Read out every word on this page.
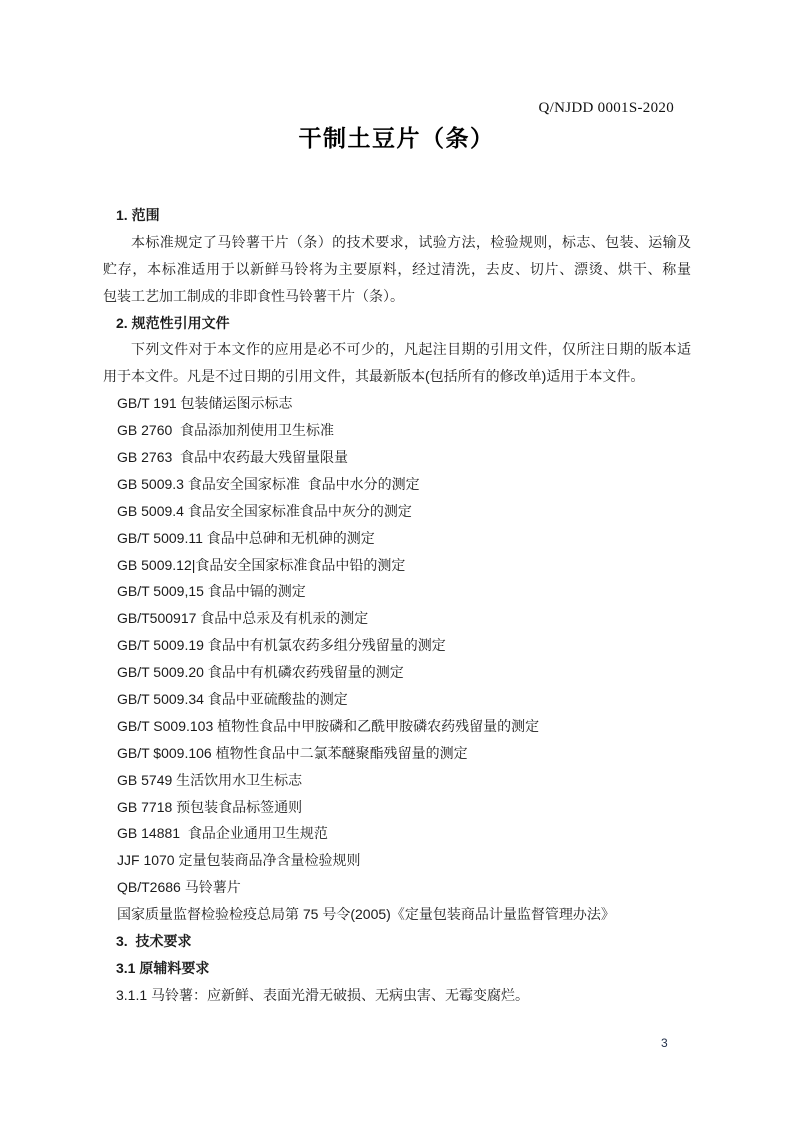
Q/NJDD 0001S-2020
干制土豆片（条）
1. 范围
本标准规定了马铃薯干片（条）的技术要求，试验方法，检验规则，标志、包装、运输及
贮存，本标准适用于以新鲜马铃将为主要原料，经过清洗，去皮、切片、漂烫、烘干、称量
包装工艺加工制成的非即食性马铃薯干片（条）。
2. 规范性引用文件
下列文件对于本文作的应用是必不可少的，凡起注目期的引用文件，仅所注日期的版本适
用于本文件。凡是不过日期的引用文件，其最新版本(包括所有的修改单)适用于本文件。
GB/T 191 包装储运图示标志
GB 2760  食品添加剂使用卫生标准
GB 2763  食品中农药最大残留量限量
GB 5009.3 食品安全国家标准  食品中水分的测定
GB 5009.4 食品安全国家标准食品中灰分的测定
GB/T 5009.11 食品中总砷和无机砷的测定
GB 5009.12|食品安全国家标准食品中铅的测定
GB/T 5009,15 食品中镉的测定
GB/T500917 食品中总汞及有机汞的测定
GB/T 5009.19 食品中有机氯农药多组分残留量的测定
GB/T 5009.20 食品中有机磷农药残留量的测定
GB/T 5009.34 食品中亚硫酸盐的测定
GB/T S009.103 植物性食品中甲胺磷和乙酰甲胺磷农药残留量的测定
GB/T $009.106 植物性食品中二氯苯醚聚酯残留量的测定
GB 5749 生活饮用水卫生标志
GB 7718 预包装食品标签通则
GB 14881  食品企业通用卫生规范
JJF 1070 定量包装商品净含量检验规则
QB/T2686 马铃薯片
国家质量监督检验检疫总局第 75 号令(2005)《定量包装商品计量监督管理办法》
3.  技术要求
3.1 原辅料要求
3.1.1 马铃薯：应新鲜、表面光滑无破损、无病虫害、无霉变腐烂。
3
